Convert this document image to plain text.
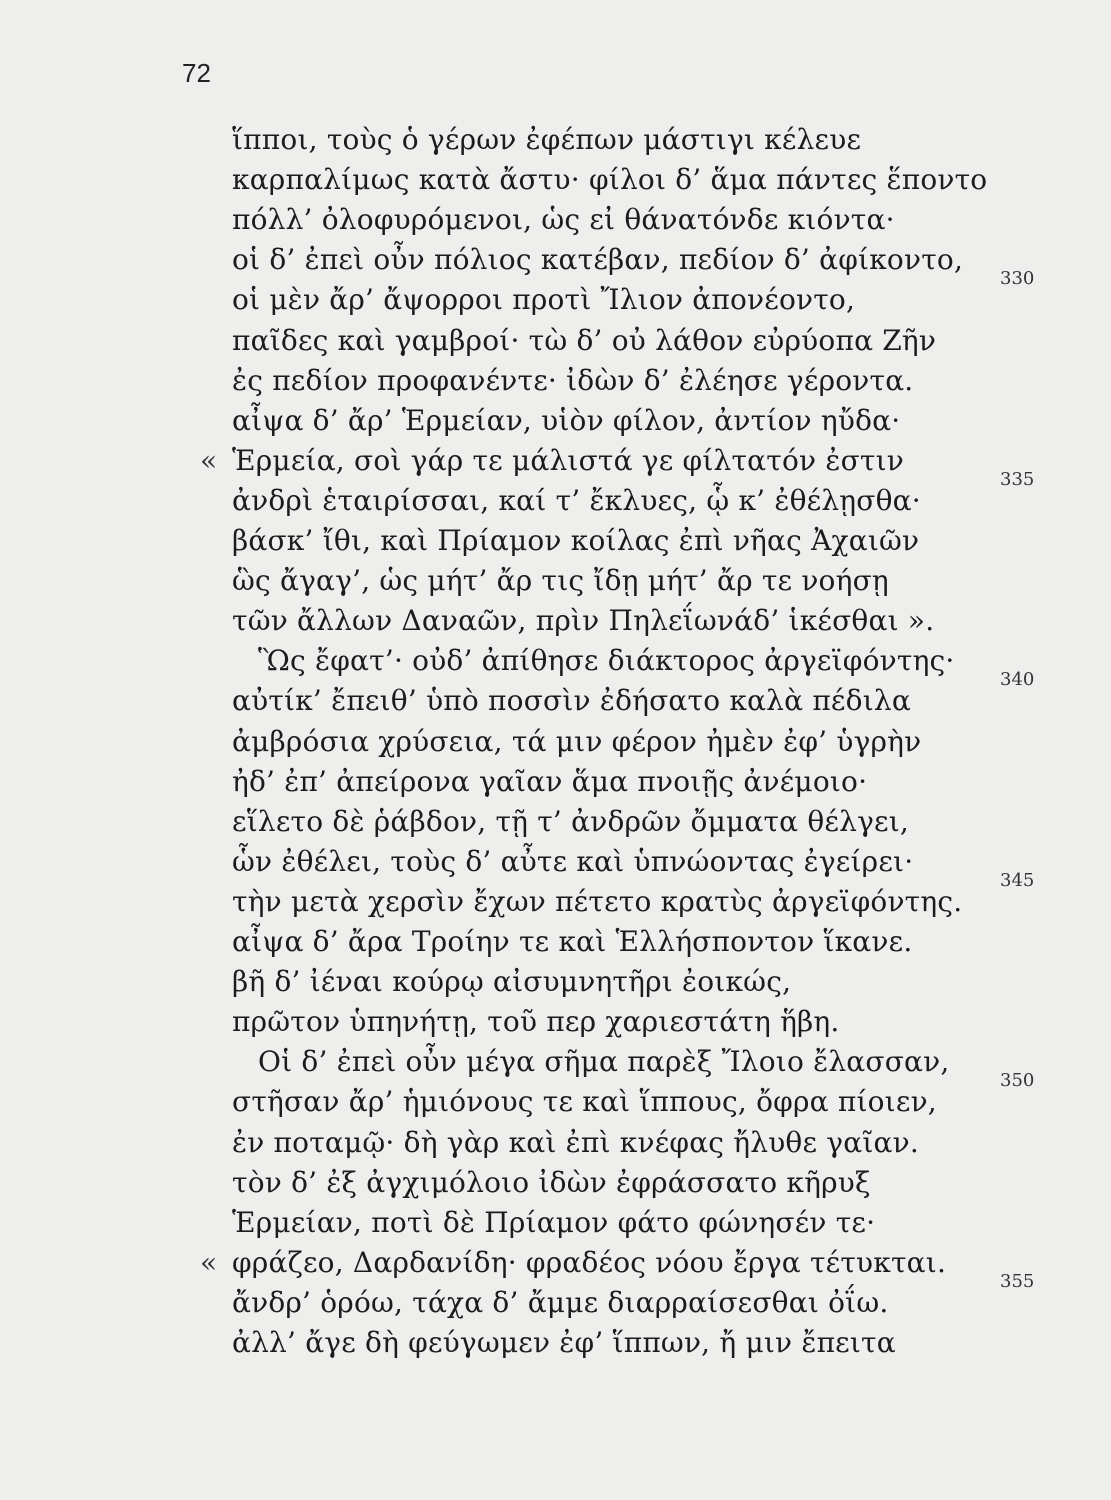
72
ἵπποι, τοὺς ὁ γέρων ἐφέπων μάστιγι κέλευε
καρπαλίμως κατὰ ἄστυ· φίλοι δ’ ἅμα πάντες ἕποντο
πόλλ’ ὀλοφυρόμενοι, ὡς εἰ θάνατόνδε κιόντα·
οἱ δ’ ἐπεὶ οὖν πόλιος κατέβαν, πεδίον δ’ ἀφίκοντο,
οἱ μὲν ἄρ’ ἄψορροι προτὶ Ἴλιον ἀπονέοντο,
330
παῖδες καὶ γαμβροί· τὼ δ’ οὐ λάθον εὐρύοπα Ζῆν
ἐς πεδίον προφανέντε· ἰδὼν δ’ ἐλέησε γέροντα.
αἶψα δ’ ἄρ’ Ἑρμείαν, υἱὸν φίλον, ἀντίον ηὔδα·
« Ἑρμεία, σοὶ γάρ τε μάλιστά γε φίλτατόν ἐστιν
ἀνδρὶ ἑταιρίσσαι, καί τ’ ἔκλυες, ᾧ κ’ ἐθέλῃσθα·
335
βάσκ’ ἴθι, καὶ Πρίαμον κοίλας ἐπὶ νῆας Ἀχαιῶν
ὣς ἄγαγ’, ὡς μήτ’ ἄρ τις ἴδῃ μήτ’ ἄρ τε νοήσῃ
τῶν ἄλλων Δαναῶν, πρὶν Πηλεΐωνάδ’ ἱκέσθαι ».
Ὣς ἔφατ’· οὐδ’ ἀπίθησε διάκτορος ἀργεϊφόντης·
αὐτίκ’ ἔπειθ’ ὑπὸ ποσσὶν ἐδήσατο καλὰ πέδιλα
340
ἀμβρόσια χρύσεια, τά μιν φέρον ἠμὲν ἐφ’ ὑγρὴν
ἠδ’ ἐπ’ ἀπείρονα γαῖαν ἅμα πνοιῇς ἀνέμοιο·
εἵλετο δὲ ῥάβδον, τῇ τ’ ἀνδρῶν ὄμματα θέλγει,
ὧν ἐθέλει, τοὺς δ’ αὖτε καὶ ὑπνώοντας ἐγείρει·
τὴν μετὰ χερσὶν ἔχων πέτετο κρατὺς ἀργεϊφόντης.
345
αἶψα δ’ ἄρα Τροίην τε καὶ Ἑλλήσποντον ἵκανε.
βῆ δ’ ἰέναι κούρῳ αἰσυμνητῆρι ἐοικώς,
πρῶτον ὑπηνήτῃ, τοῦ περ χαριεστάτη ἥβη.
Οἱ δ’ ἐπεὶ οὖν μέγα σῆμα παρὲξ Ἴλοιο ἔλασσαν,
στῆσαν ἄρ’ ἡμιόνους τε καὶ ἵππους, ὄφρα πίοιεν,
350
ἐν ποταμῷ· δὴ γὰρ καὶ ἐπὶ κνέφας ἤλυθε γαῖαν.
τὸν δ’ ἐξ ἀγχιμόλοιο ἰδὼν ἐφράσσατο κῆρυξ
Ἑρμείαν, ποτὶ δὲ Πρίαμον φάτο φώνησέν τε·
« φράζεο, Δαρδανίδη· φραδέος νόου ἔργα τέτυκται.
ἄνδρ’ ὁρόω, τάχα δ’ ἄμμε διαρραίσεσθαι ὀΐω.
355
ἀλλ’ ἄγε δὴ φεύγωμεν ἐφ’ ἵππων, ἤ μιν ἔπειτα
